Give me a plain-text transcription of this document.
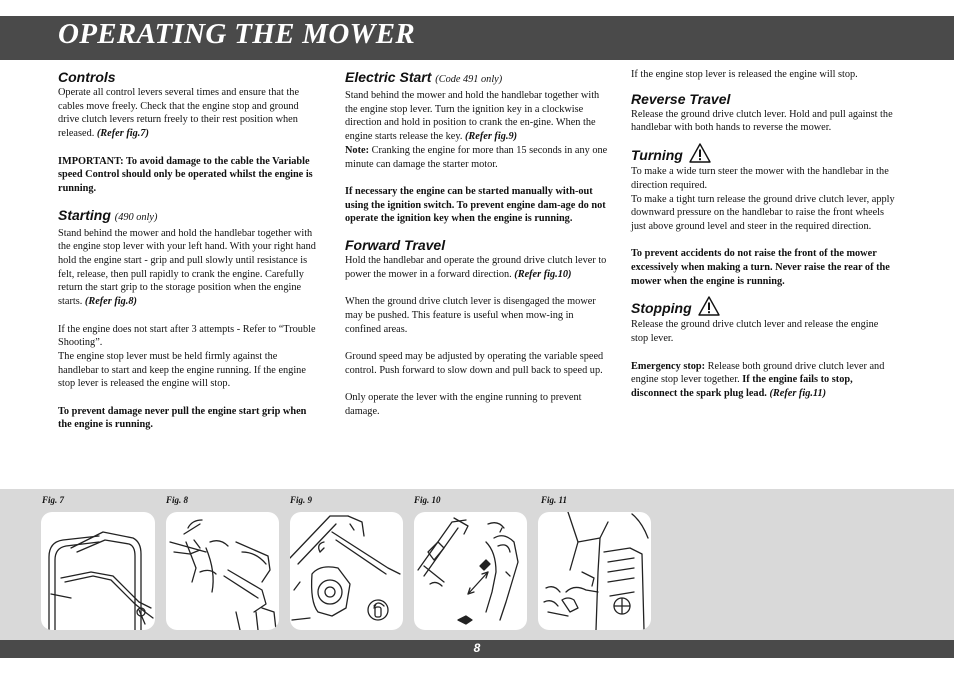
OPERATING THE MOWER
Controls

Operate all control levers several times and ensure that the cables move freely. Check that the engine stop and ground drive clutch levers return freely to their rest position when released. (Refer fig.7)

IMPORTANT: To avoid damage to the cable the Variable speed Control should only be operated whilst the engine is running.

Starting (490 only)

Stand behind the mower and hold the handlebar together with the engine stop lever with your left hand. With your right hand hold the engine start - grip and pull slowly until resistance is felt, release, then pull rapidly to crank the engine. Carefully return the start grip to the storage position when the engine starts. (Refer fig.8)

If the engine does not start after 3 attempts - Refer to “Trouble Shooting”.

The engine stop lever must be held firmly against the handlebar to start and keep the engine running. If the engine stop lever is released the engine will stop.

To prevent damage never pull the engine start grip when the engine is running.

Electric Start (Code 491 only)

Stand behind the mower and hold the handlebar together with the engine stop lever. Turn the ignition key in a clockwise direction and hold in position to crank the en-gine. When the engine starts release the key. (Refer fig.9)

Note: Cranking the engine for more than 15 seconds in any one minute can damage the starter motor.

If necessary the engine can be started manually with-out using the ignition switch. To prevent engine dam-age do not operate the ignition key when the engine is running.

Forward Travel

Hold the handlebar and operate the ground drive clutch lever to power the mower in a forward direction. (Refer fig.10)

When the ground drive clutch lever is disengaged the mower may be pushed. This feature is useful when mow-ing in confined areas.

Ground speed may be adjusted by operating the variable speed control. Push forward to slow down and pull back to speed up.

Only operate the lever with the engine running to prevent damage.

If the engine stop lever is released the engine will stop.

Reverse Travel

Release the ground drive clutch lever. Hold and pull against the handlebar with both hands to reverse the mower.

Turning

To make a wide turn steer the mower with the handlebar in the direction required.

To make a tight turn release the ground drive clutch lever, apply downward pressure on the handlebar to raise the front wheels just above ground level and steer in the required direction.

To prevent accidents do not raise the front of the mower excessively when making a turn. Never raise the rear of the mower when the engine is running.

Stopping

Release the ground drive clutch lever and release the engine stop lever.

Emergency stop: Release both ground drive clutch lever and engine stop lever together. If the engine fails to stop, disconnect the spark plug lead. (Refer fig.11)

Fig. 7	Fig. 8	Fig. 9	Fig. 10	Fig. 11
8
